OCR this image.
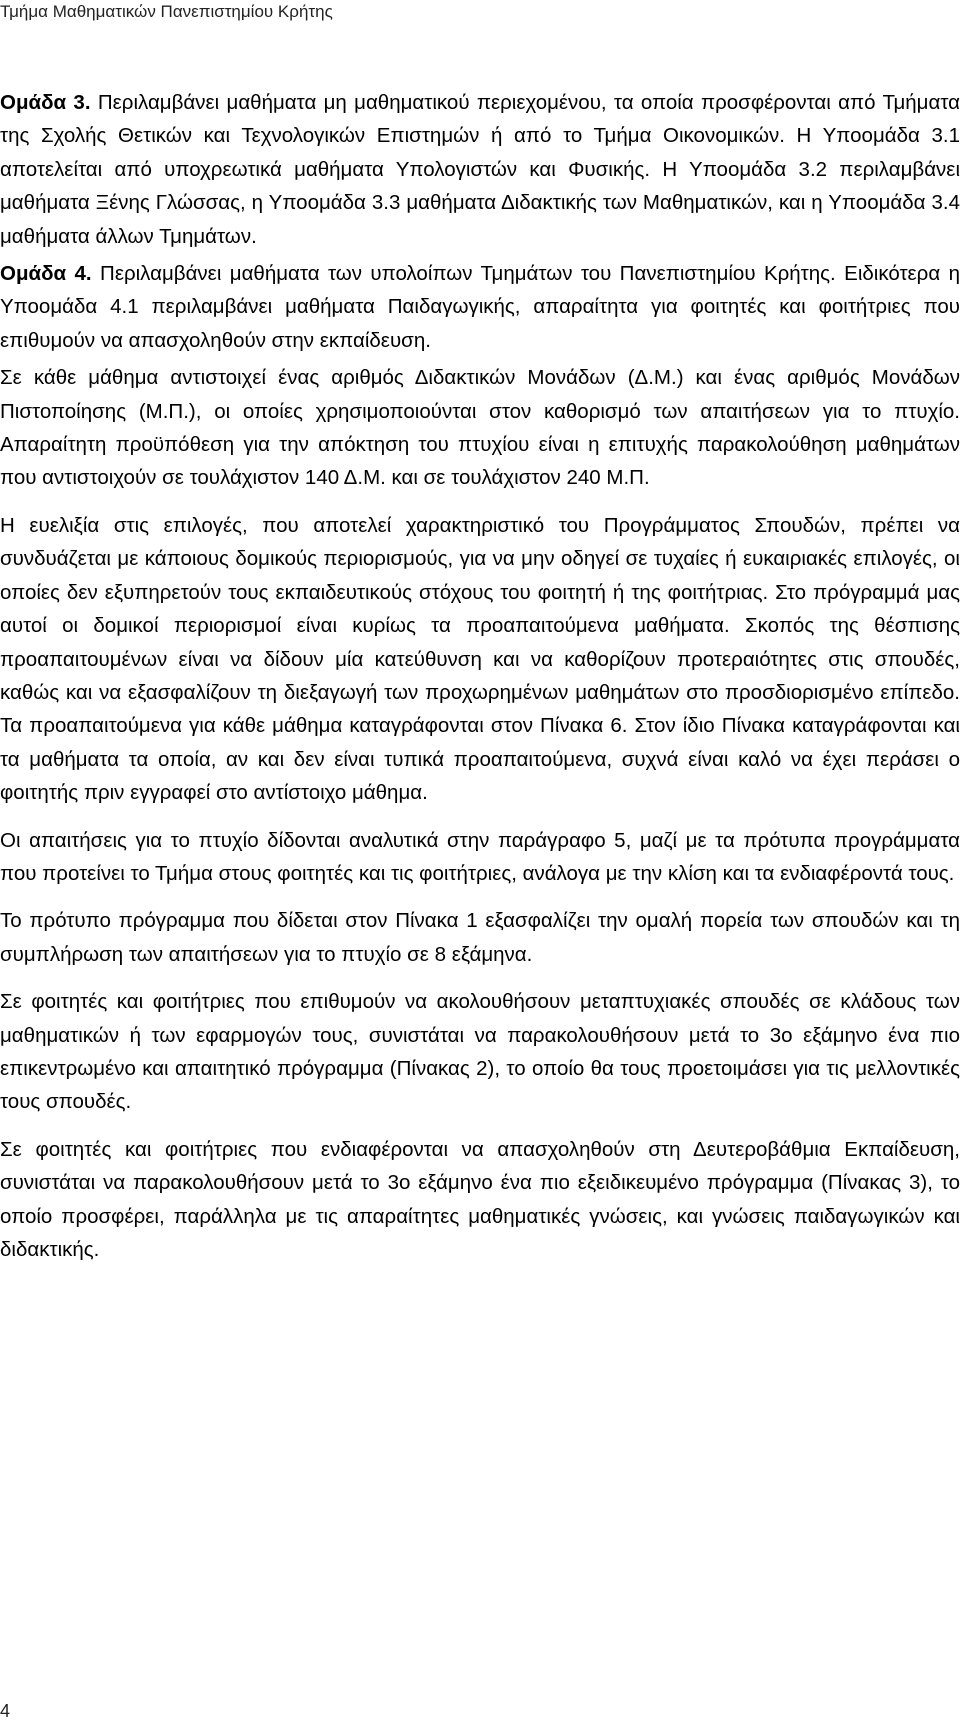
Τμήμα Μαθηματικών Πανεπιστημίου Κρήτης

Ομάδα 3. Περιλαμβάνει μαθήματα μη μαθηματικού περιεχομένου, τα οποία προσφέρονται από Τμήματα της Σχολής Θετικών και Τεχνολογικών Επιστημών ή από το Τμήμα Οικονομικών. Η Υποομάδα 3.1 αποτελείται από υποχρεωτικά μαθήματα Υπολογιστών και Φυσικής. Η Υποομάδα 3.2 περιλαμβάνει μαθήματα Ξένης Γλώσσας, η Υποομάδα 3.3 μαθήματα Διδακτικής των Μαθηματικών, και η Υποομάδα 3.4 μαθήματα άλλων Τμημάτων.

Ομάδα 4. Περιλαμβάνει μαθήματα των υπολοίπων Τμημάτων του Πανεπιστημίου Κρήτης. Ειδικότερα η Υποομάδα 4.1 περιλαμβάνει μαθήματα Παιδαγωγικής, απαραίτητα για φοιτητές και φοιτήτριες που επιθυμούν να απασχοληθούν στην εκπαίδευση.

Σε κάθε μάθημα αντιστοιχεί ένας αριθμός Διδακτικών Μονάδων (Δ.Μ.) και ένας αριθμός Μονάδων Πιστοποίησης (Μ.Π.), οι οποίες χρησιμοποιούνται στον καθορισμό των απαιτήσεων για το πτυχίο. Απαραίτητη προϋπόθεση για την απόκτηση του πτυχίου είναι η επιτυχής παρακολούθηση μαθημάτων που αντιστοιχούν σε τουλάχιστον 140 Δ.Μ. και σε τουλάχιστον 240 Μ.Π.

Η ευελιξία στις επιλογές, που αποτελεί χαρακτηριστικό του Προγράμματος Σπουδών, πρέπει να συνδυάζεται με κάποιους δομικούς περιορισμούς, για να μην οδηγεί σε τυχαίες ή ευκαιριακές επιλογές, οι οποίες δεν εξυπηρετούν τους εκπαιδευτικούς στόχους του φοιτητή ή της φοιτήτριας. Στο πρόγραμμά μας αυτοί οι δομικοί περιορισμοί είναι κυρίως τα προαπαιτούμενα μαθήματα. Σκοπός της θέσπισης προαπαιτουμένων είναι να δίδουν μία κατεύθυνση και να καθορίζουν προτεραιότητες στις σπουδές, καθώς και να εξασφαλίζουν τη διεξαγωγή των προχωρημένων μαθημάτων στο προσδιορισμένο επίπεδο. Τα προαπαιτούμενα για κάθε μάθημα καταγράφονται στον Πίνακα 6. Στον ίδιο Πίνακα καταγράφονται και τα μαθήματα τα οποία, αν και δεν είναι τυπικά προαπαιτούμενα, συχνά είναι καλό να έχει περάσει ο φοιτητής πριν εγγραφεί στο αντίστοιχο μάθημα.

Οι απαιτήσεις για το πτυχίο δίδονται αναλυτικά στην παράγραφο 5, μαζί με τα πρότυπα προγράμματα που προτείνει το Τμήμα στους φοιτητές και τις φοιτήτριες, ανάλογα με την κλίση και τα ενδιαφέροντά τους.

Το πρότυπο πρόγραμμα που δίδεται στον Πίνακα 1 εξασφαλίζει την ομαλή πορεία των σπουδών και τη συμπλήρωση των απαιτήσεων για το πτυχίο σε 8 εξάμηνα.

Σε φοιτητές και φοιτήτριες που επιθυμούν να ακολουθήσουν μεταπτυχιακές σπουδές σε κλάδους των μαθηματικών ή των εφαρμογών τους, συνιστάται να παρακολουθήσουν μετά το 3ο εξάμηνο ένα πιο επικεντρωμένο και απαιτητικό πρόγραμμα (Πίνακας 2), το οποίο θα τους προετοιμάσει για τις μελλοντικές τους σπουδές.

Σε φοιτητές και φοιτήτριες που ενδιαφέρονται να απασχοληθούν στη Δευτεροβάθμια Εκπαίδευση, συνιστάται να παρακολουθήσουν μετά το 3ο εξάμηνο ένα πιο εξειδικευμένο πρόγραμμα (Πίνακας 3), το οποίο προσφέρει, παράλληλα με τις απαραίτητες μαθηματικές γνώσεις, και γνώσεις παιδαγωγικών και διδακτικής.

4
